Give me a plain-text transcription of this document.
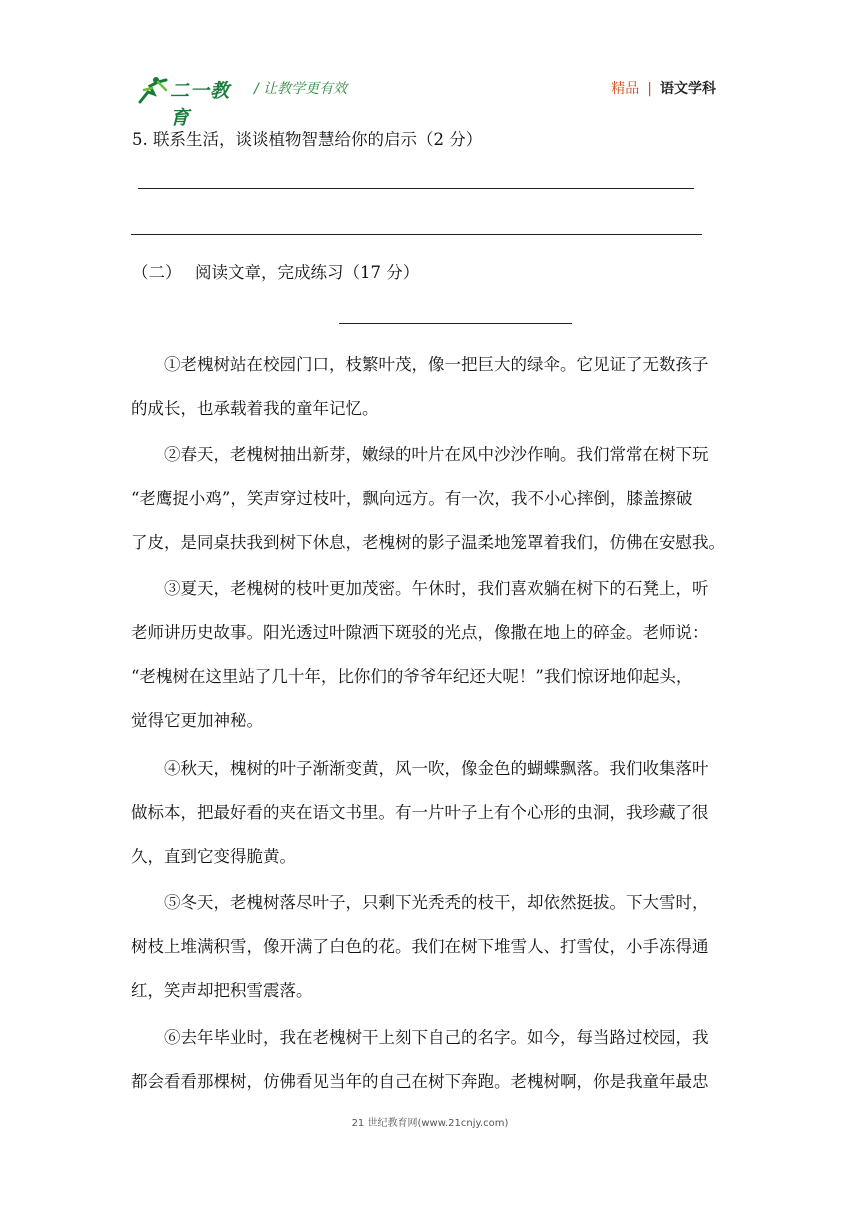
二一教育
/ 让教学更有效	精品 | 语文学科
5. 联系生活，谈谈植物智慧给你的启示（2 分）
（二）　 阅读文章，完成练习（17 分）
①老槐树站在校园门口，枝繁叶茂，像一把巨大的绿伞。它见证了无数孩子
的成长，也承载着我的童年记忆。
②春天，老槐树抽出新芽，嫩绿的叶片在风中沙沙作响。我们常常在树下玩
“老鹰捉小鸡”，笑声穿过枝叶，飘向远方。有一次，我不小心摔倒，膝盖擦破
了皮，是同桌扶我到树下休息，老槐树的影子温柔地笼罩着我们，仿佛在安慰我。
③夏天，老槐树的枝叶更加茂密。午休时，我们喜欢躺在树下的石凳上，听
老师讲历史故事。阳光透过叶隙洒下斑驳的光点，像撒在地上的碎金。老师说：
“老槐树在这里站了几十年，比你们的爷爷年纪还大呢！”我们惊讶地仰起头，
觉得它更加神秘。
④秋天，槐树的叶子渐渐变黄，风一吹，像金色的蝴蝶飘落。我们收集落叶
做标本，把最好看的夹在语文书里。有一片叶子上有个心形的虫洞，我珍藏了很
久，直到它变得脆黄。
⑤冬天，老槐树落尽叶子，只剩下光秃秃的枝干，却依然挺拔。下大雪时，
树枝上堆满积雪，像开满了白色的花。我们在树下堆雪人、打雪仗，小手冻得通
红，笑声却把积雪震落。
⑥去年毕业时，我在老槐树干上刻下自己的名字。如今，每当路过校园，我
都会看看那棵树，仿佛看见当年的自己在树下奔跑。老槐树啊，你是我童年最忠
21 世纪教育网(www.21cnjy.com)
